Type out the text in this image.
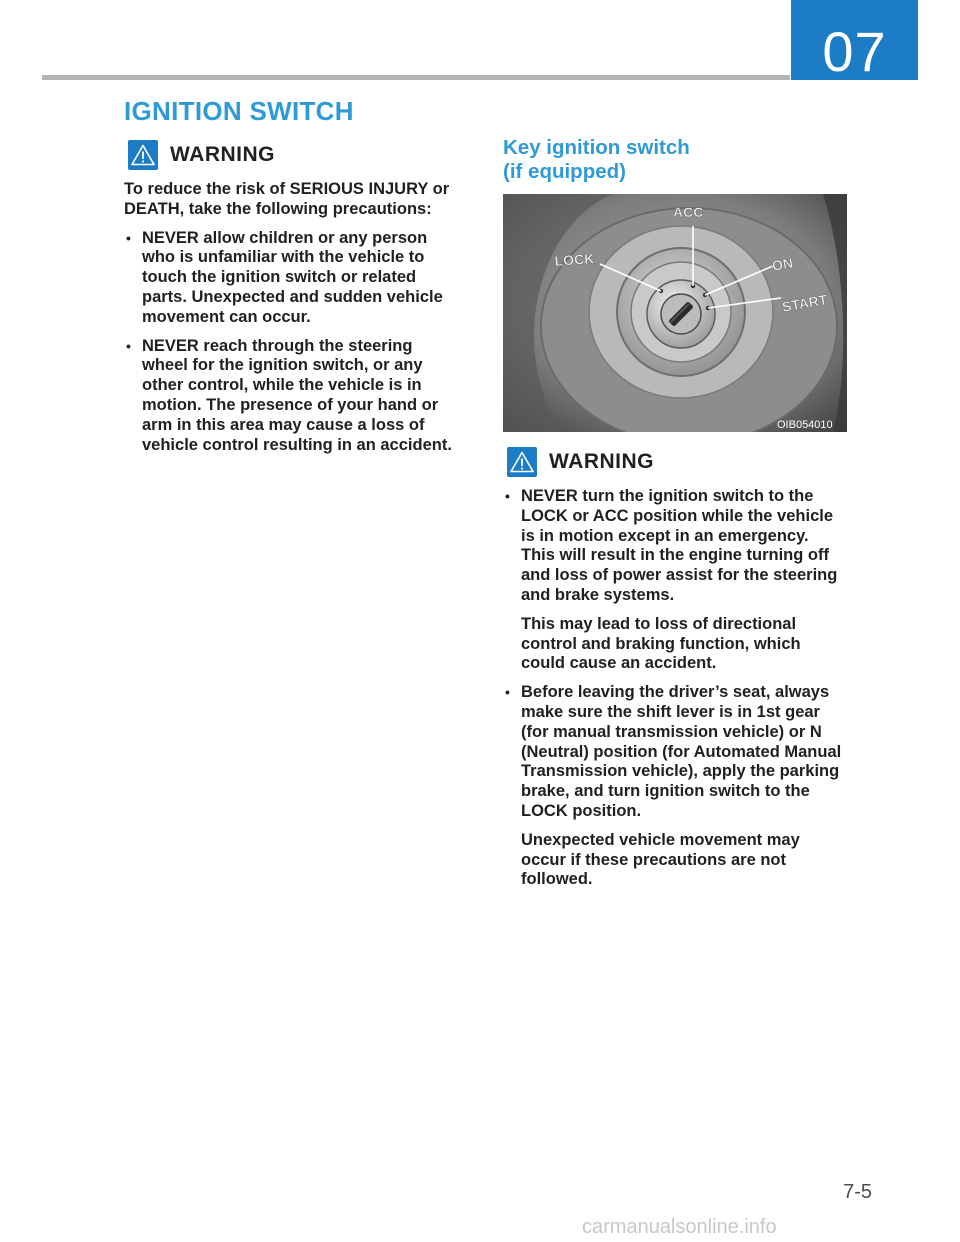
07
IGNITION SWITCH
WARNING

To reduce the risk of SERIOUS INJURY or DEATH, take the following precautions:

• NEVER allow children or any person who is unfamiliar with the vehicle to touch the ignition switch or related parts. Unexpected and sudden vehicle movement can occur.
• NEVER reach through the steering wheel for the ignition switch, or any other control, while the vehicle is in motion. The presence of your hand or arm in this area may cause a loss of vehicle control resulting in an accident.
Key ignition switch
(if equipped)
ACC
LOCK	ON
START
OIB054010
WARNING
• NEVER turn the ignition switch to the LOCK or ACC position while the vehicle is in motion except in an emergency. This will result in the engine turning off and loss of power assist for the steering and brake systems.
This may lead to loss of directional control and braking function, which could cause an accident.
• Before leaving the driver’s seat, always make sure the shift lever is in 1st gear (for manual transmission vehicle) or N (Neutral) position (for Automated Manual Transmission vehicle), apply the parking brake, and turn ignition switch to the LOCK position.
Unexpected vehicle movement may occur if these precautions are not followed.
7-5
carmanualsonline.info
